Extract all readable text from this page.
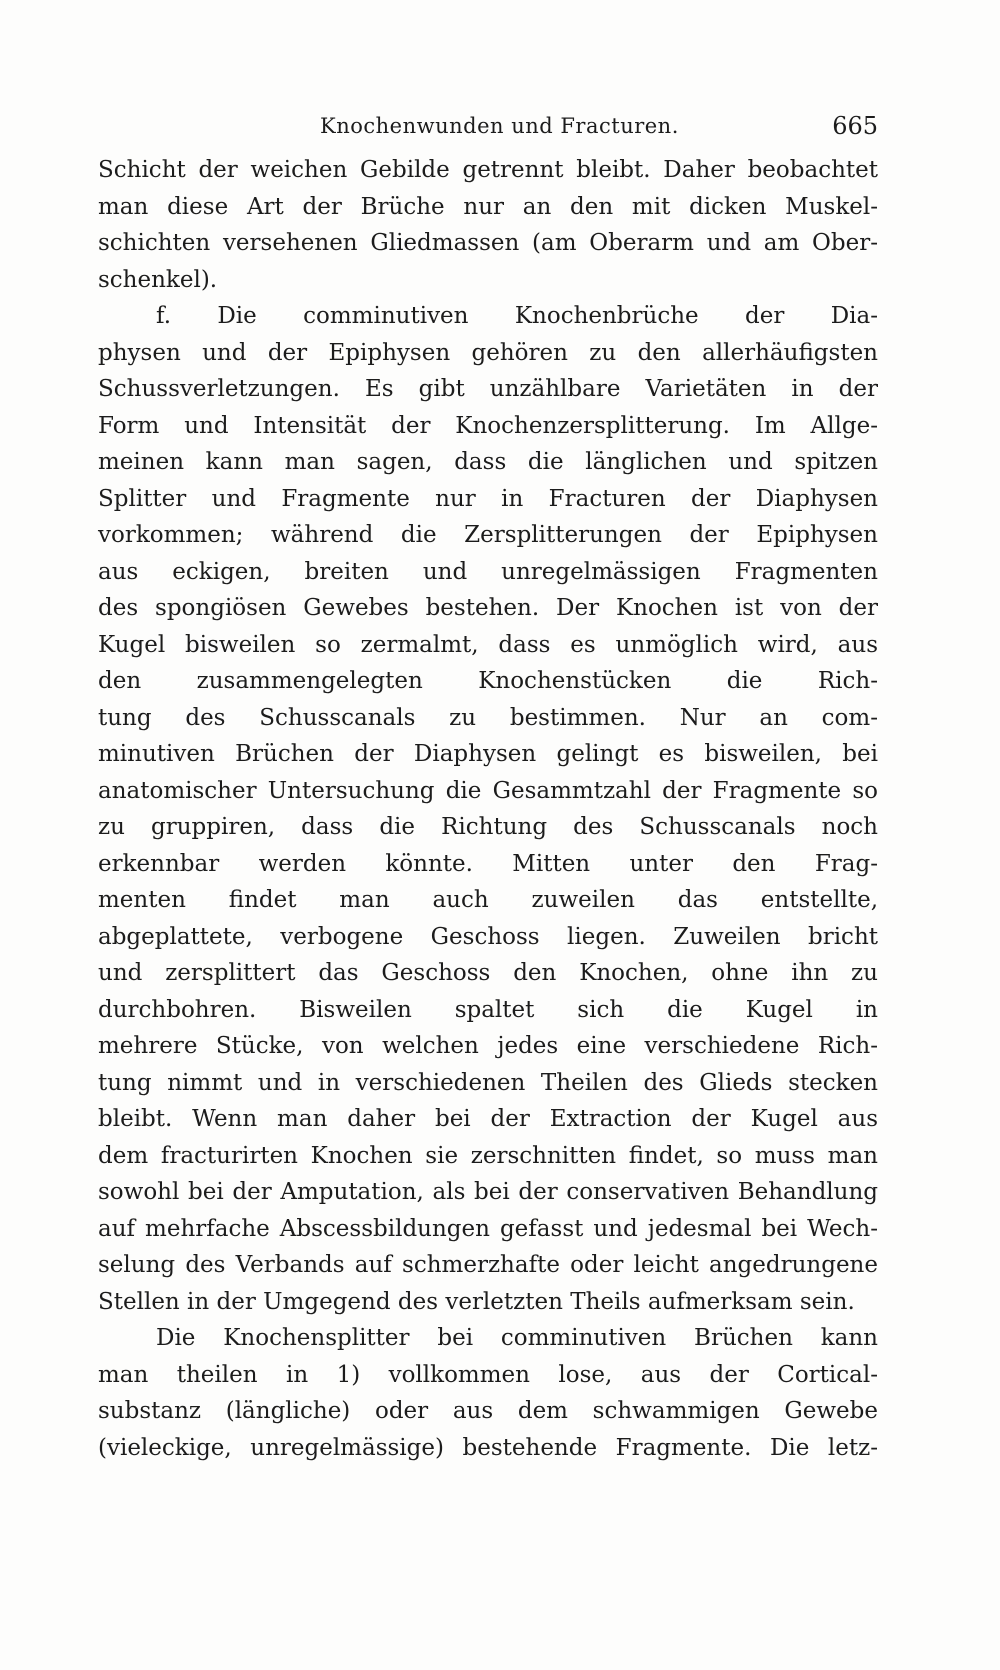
Knochenwunden und Fracturen.	665
Schicht der weichen Gebilde getrennt bleibt. Daher beobachtet
man diese Art der Brüche nur an den mit dicken Muskel-
schichten versehenen Gliedmassen (am Oberarm und am Ober-
schenkel).
f. Die comminutiven Knochenbrüche der Dia-
physen und der Epiphysen gehören zu den allerhäufigsten
Schussverletzungen. Es gibt unzählbare Varietäten in der
Form und Intensität der Knochenzersplitterung. Im Allge-
meinen kann man sagen, dass die länglichen und spitzen
Splitter und Fragmente nur in Fracturen der Diaphysen
vorkommen; während die Zersplitterungen der Epiphysen
aus eckigen, breiten und unregelmässigen Fragmenten
des spongiösen Gewebes bestehen. Der Knochen ist von der
Kugel bisweilen so zermalmt, dass es unmöglich wird, aus
den zusammengelegten Knochenstücken die Rich-
tung des Schusscanals zu bestimmen. Nur an com-
minutiven Brüchen der Diaphysen gelingt es bisweilen, bei
anatomischer Untersuchung die Gesammtzahl der Fragmente so
zu gruppiren, dass die Richtung des Schusscanals noch
erkennbar werden könnte. Mitten unter den Frag-
menten findet man auch zuweilen das entstellte,
abgeplattete, verbogene Geschoss liegen. Zuweilen bricht
und zersplittert das Geschoss den Knochen, ohne ihn zu
durchbohren. Bisweilen spaltet sich die Kugel in
mehrere Stücke, von welchen jedes eine verschiedene Rich-
tung nimmt und in verschiedenen Theilen des Glieds stecken
bleibt. Wenn man daher bei der Extraction der Kugel aus
dem fracturirten Knochen sie zerschnitten findet, so muss man
sowohl bei der Amputation, als bei der conservativen Behandlung
auf mehrfache Abscessbildungen gefasst und jedesmal bei Wech-
selung des Verbands auf schmerzhafte oder leicht angedrungene
Stellen in der Umgegend des verletzten Theils aufmerksam sein.
Die Knochensplitter bei comminutiven Brüchen kann
man theilen in 1) vollkommen lose, aus der Cortical-
substanz (längliche) oder aus dem schwammigen Gewebe
(vieleckige, unregelmässige) bestehende Fragmente. Die letz-
